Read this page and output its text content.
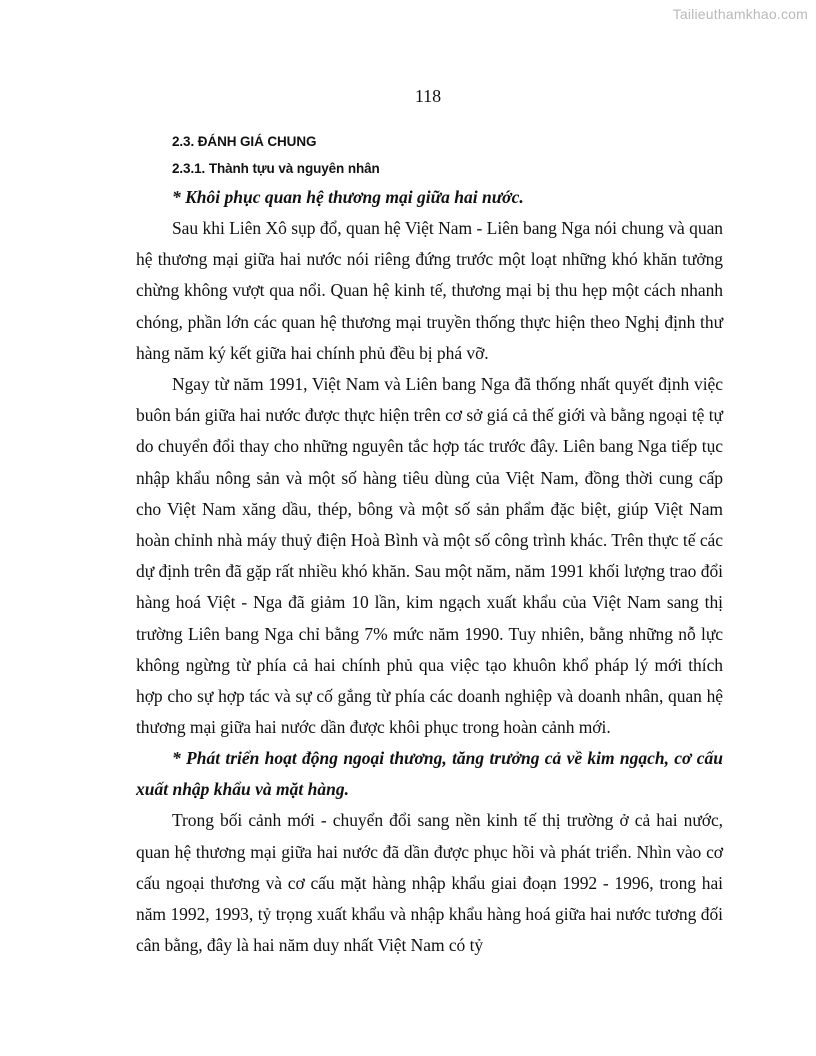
Tailieuthamkhao.com
118

2.3. ĐÁNH GIÁ CHUNG

2.3.1. Thành tựu và nguyên nhân

* Khôi phục quan hệ thương mại giữa hai nước.

Sau khi Liên Xô sụp đổ, quan hệ Việt Nam - Liên bang Nga nói chung và quan hệ thương mại giữa hai nước nói riêng đứng trước một loạt những khó khăn tưởng chừng không vượt qua nổi. Quan hệ kinh tế, thương mại bị thu hẹp một cách nhanh chóng, phần lớn các quan hệ thương mại truyền thống thực hiện theo Nghị định thư hàng năm ký kết giữa hai chính phủ đều bị phá vỡ.

Ngay từ năm 1991, Việt Nam và Liên bang Nga đã thống nhất quyết định việc buôn bán giữa hai nước được thực hiện trên cơ sở giá cả thế giới và bằng ngoại tệ tự do chuyển đổi thay cho những nguyên tắc hợp tác trước đây. Liên bang Nga tiếp tục nhập khẩu nông sản và một số hàng tiêu dùng của Việt Nam, đồng thời cung cấp cho Việt Nam xăng dầu, thép, bông và một số sản phẩm đặc biệt, giúp Việt Nam hoàn chỉnh nhà máy thuỷ điện Hoà Bình và một số công trình khác. Trên thực tế các dự định trên đã gặp rất nhiều khó khăn. Sau một năm, năm 1991 khối lượng trao đổi hàng hoá Việt - Nga đã giảm 10 lần, kim ngạch xuất khẩu của Việt Nam sang thị trường Liên bang Nga chỉ bằng 7% mức năm 1990. Tuy nhiên, bằng những nỗ lực không ngừng từ phía cả hai chính phủ qua việc tạo khuôn khổ pháp lý mới thích hợp cho sự hợp tác và sự cố gắng từ phía các doanh nghiệp và doanh nhân, quan hệ thương mại giữa hai nước dần được khôi phục trong hoàn cảnh mới.

* Phát triển hoạt động ngoại thương, tăng trưởng cả về kim ngạch, cơ cấu xuất nhập khẩu và mặt hàng.

Trong bối cảnh mới - chuyển đổi sang nền kinh tế thị trường ở cả hai nước, quan hệ thương mại giữa hai nước đã dần được phục hồi và phát triển. Nhìn vào cơ cấu ngoại thương và cơ cấu mặt hàng nhập khẩu giai đoạn 1992 - 1996, trong hai năm 1992, 1993, tỷ trọng xuất khẩu và nhập khẩu hàng hoá giữa hai nước tương đối cân bằng, đây là hai năm duy nhất Việt Nam có tỷ
